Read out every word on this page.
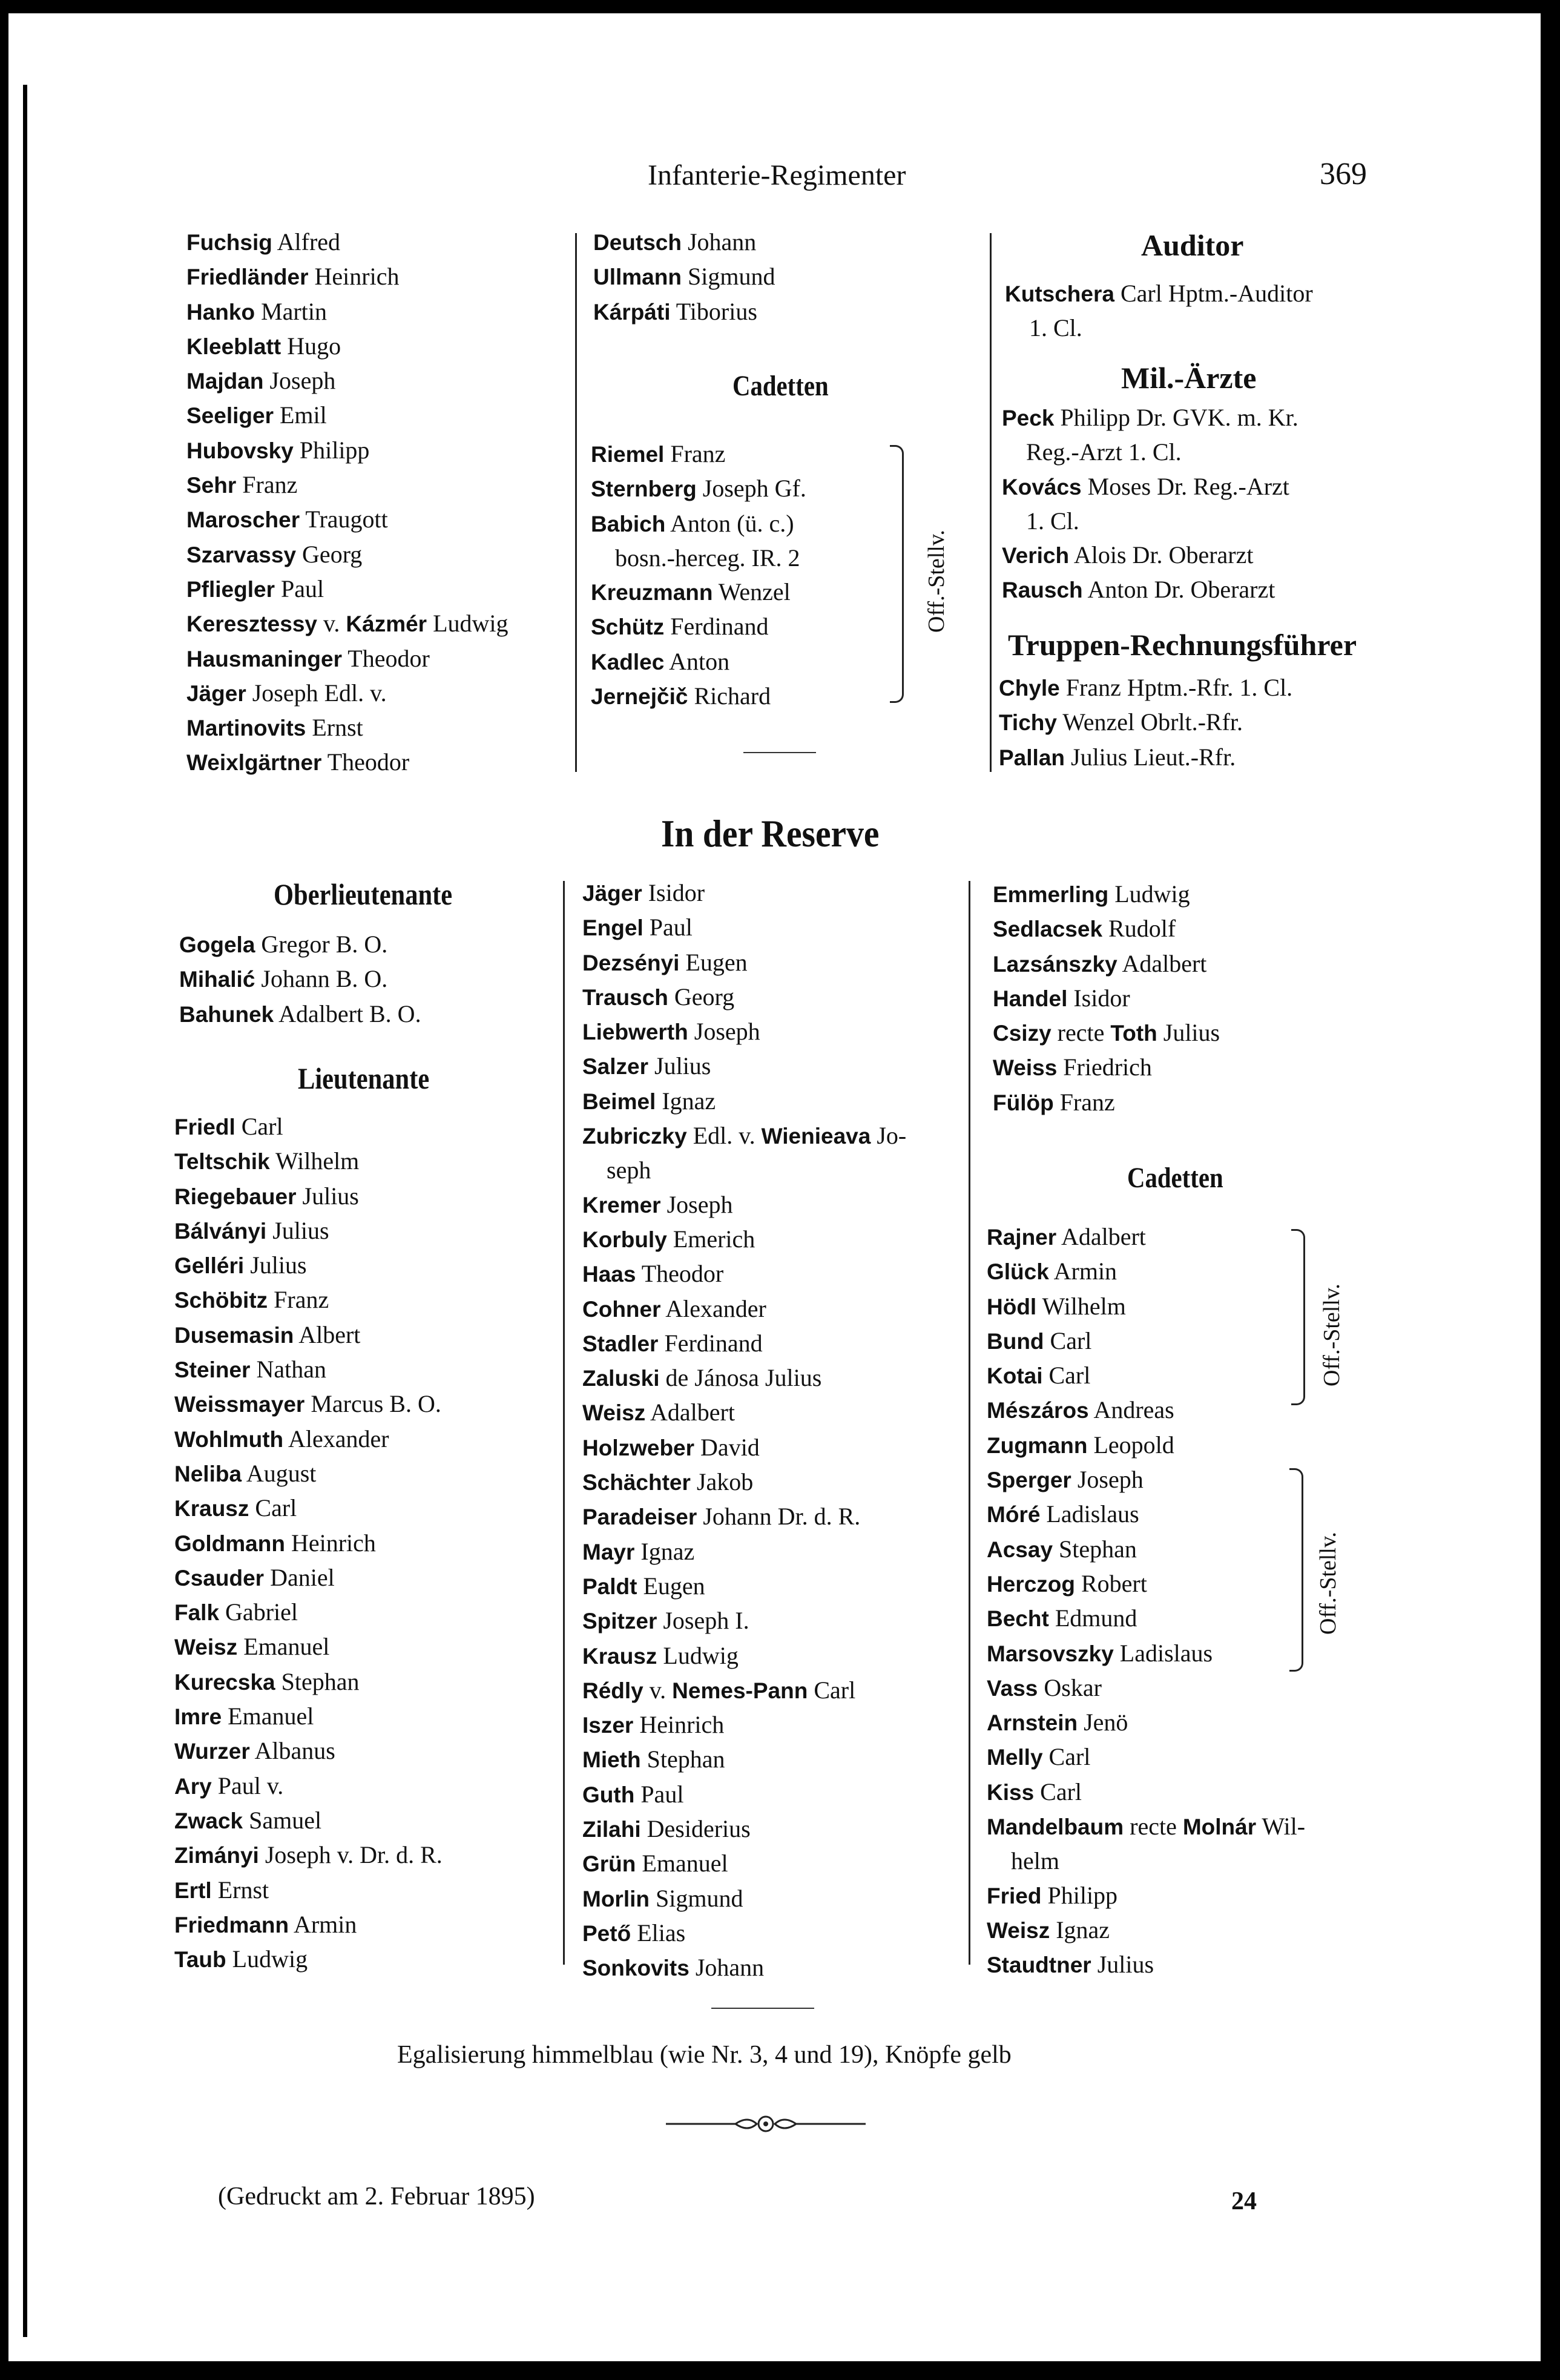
Infanterie-Regimenter	369
Fuchsig Alfred
Friedländer Heinrich
Hanko Martin
Kleeblatt Hugo
Majdan Joseph
Seeliger Emil
Hubovsky Philipp
Sehr Franz
Maroscher Traugott
Szarvassy Georg
Pfliegler Paul
Keresztessy v. Kázmér Ludwig
Hausmaninger Theodor
Jäger Joseph Edl. v.
Martinovits Ernst
Weixlgärtner Theodor
Deutsch Johann
Ullmann Sigmund
Kárpáti Tiborius
Cadetten
Riemel Franz
Sternberg Joseph Gf.
Babich Anton (ü. c.)
bosn.-herceg. IR. 2
Kreuzmann Wenzel
Schütz Ferdinand
Kadlec Anton
Jernejčič Richard
Off.-Stellv.
Auditor
Kutschera Carl Hptm.-Auditor
1. Cl.
Mil.-Ärzte
Peck Philipp Dr. GVK. m. Kr.
Reg.-Arzt 1. Cl.
Kovács Moses Dr. Reg.-Arzt
1. Cl.
Verich Alois Dr. Oberarzt
Rausch Anton Dr. Oberarzt
Truppen-Rechnungsführer
Chyle Franz Hptm.-Rfr. 1. Cl.
Tichy Wenzel Obrlt.-Rfr.
Pallan Julius Lieut.-Rfr.
In der Reserve
Oberlieutenante
Gogela Gregor B. O.
Mihalić Johann B. O.
Bahunek Adalbert B. O.
Lieutenante
Friedl Carl
Teltschik Wilhelm
Riegebauer Julius
Bálványi Julius
Gelléri Julius
Schöbitz Franz
Dusemasin Albert
Steiner Nathan
Weissmayer Marcus B. O.
Wohlmuth Alexander
Neliba August
Krausz Carl
Goldmann Heinrich
Csauder Daniel
Falk Gabriel
Weisz Emanuel
Kurecska Stephan
Imre Emanuel
Wurzer Albanus
Ary Paul v.
Zwack Samuel
Zimányi Joseph v. Dr. d. R.
Ertl Ernst
Friedmann Armin
Taub Ludwig
Jäger Isidor
Engel Paul
Dezsényi Eugen
Trausch Georg
Liebwerth Joseph
Salzer Julius
Beimel Ignaz
Zubriczky Edl. v. Wienieava Jo-
seph
Kremer Joseph
Korbuly Emerich
Haas Theodor
Cohner Alexander
Stadler Ferdinand
Zaluski de Jánosa Julius
Weisz Adalbert
Holzweber David
Schächter Jakob
Paradeiser Johann Dr. d. R.
Mayr Ignaz
Paldt Eugen
Spitzer Joseph I.
Krausz Ludwig
Rédly v. Nemes-Pann Carl
Iszer Heinrich
Mieth Stephan
Guth Paul
Zilahi Desiderius
Grün Emanuel
Morlin Sigmund
Pető Elias
Sonkovits Johann
Emmerling Ludwig
Sedlacsek Rudolf
Lazsánszky Adalbert
Handel Isidor
Csizy recte Toth Julius
Weiss Friedrich
Fülöp Franz
Cadetten
Rajner Adalbert
Glück Armin
Hödl Wilhelm
Bund Carl
Kotai Carl
Mészáros Andreas
Zugmann Leopold
Sperger Joseph
Móré Ladislaus
Acsay Stephan
Herczog Robert
Becht Edmund
Marsovszky Ladislaus
Vass Oskar
Arnstein Jenö
Melly Carl
Kiss Carl
Mandelbaum recte Molnár Wil-
helm
Fried Philipp
Weisz Ignaz
Staudtner Julius
Off.-Stellv.
Off.-Stellv.
Egalisierung himmelblau (wie Nr. 3, 4 und 19), Knöpfe gelb
(Gedruckt am 2. Februar 1895)	24
